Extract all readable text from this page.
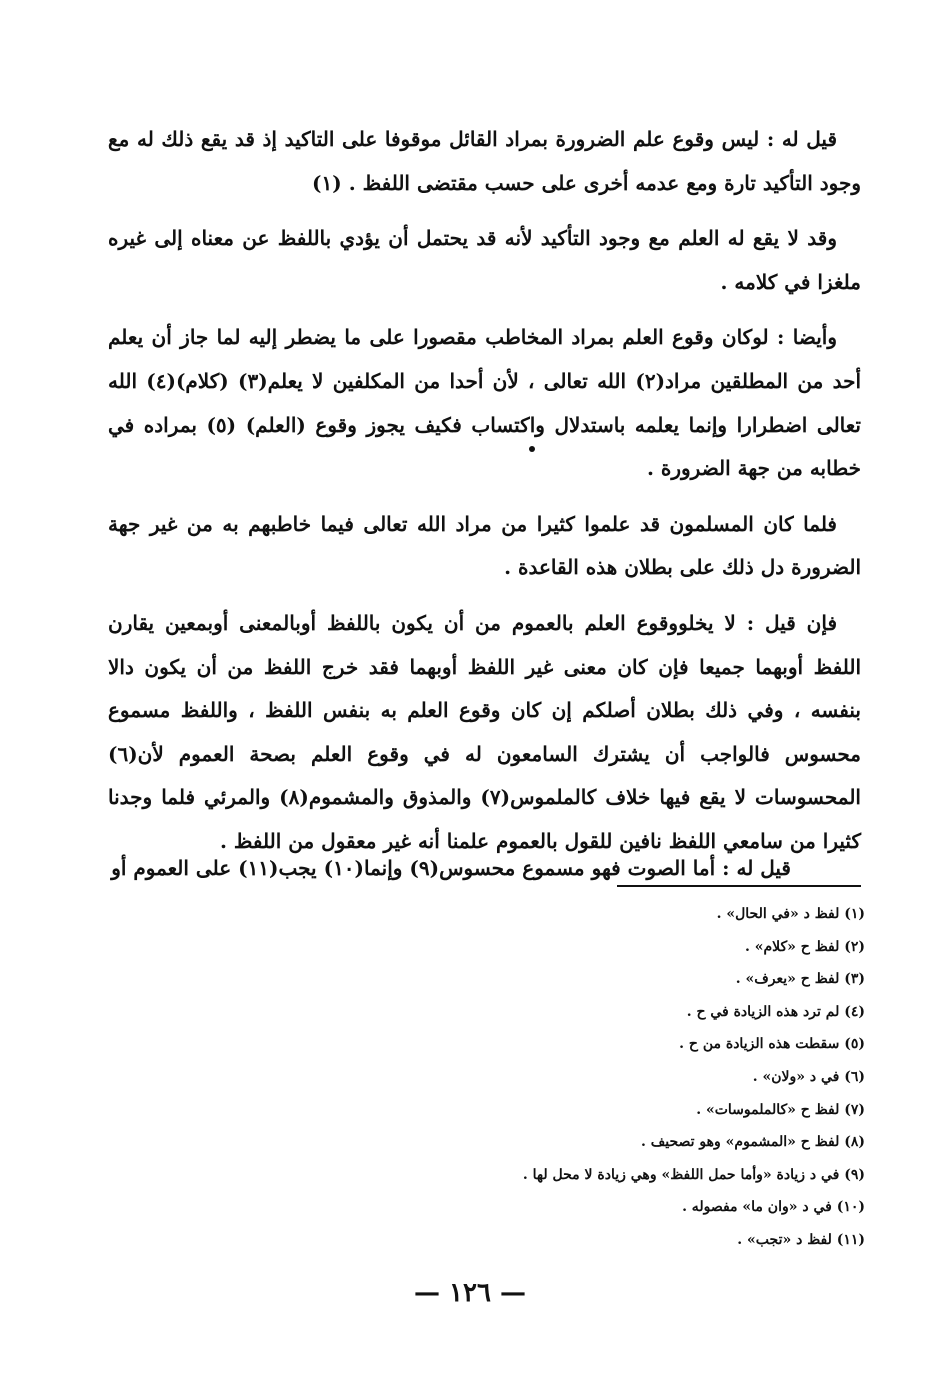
قيل له : ليس وقوع علم الضرورة بمراد القائل موقوفا على التاكيد إذ قد يقع ذلك له مع وجود التأكيد تارة ومع عدمه أخرى على حسب مقتضى اللفظ . (١)

وقد لا يقع له العلم مع وجود التأكيد لأنه قد يحتمل أن يؤدي باللفظ عن معناه إلى غيره ملغزا في كلامه .

وأيضا : لوكان وقوع العلم بمراد المخاطب مقصورا على ما يضطر إليه لما جاز أن يعلم أحد من المطلقين مراد(٢) الله تعالى ، لأن أحدا من المكلفين لا يعلم(٣) (كلام)(٤) الله تعالى اضطرارا وإنما يعلمه باستدلال واكتساب فكيف يجوز وقوع (العلم) (٥) بمراده في خطابه من جهة الضرورة .

فلما كان المسلمون قد علموا كثيرا من مراد الله تعالى فيما خاطبهم به من غير جهة الضرورة دل ذلك على بطلان هذه القاعدة .

فإن قيل : لا يخلووقوع العلم بالعموم من أن يكون باللفظ أوبالمعنى أوبمعين يقارن اللفظ أوبهما جميعا فإن كان معنى غير اللفظ أوبهما فقد خرج اللفظ من أن يكون دالا بنفسه ، وفي ذلك بطلان أصلكم إن كان وقوع العلم به بنفس اللفظ ، واللفظ مسموع محسوس فالواجب أن يشترك السامعون له في وقوع العلم بصحة العموم لأن(٦) المحسوسات لا يقع فيها خلاف كالملموس(٧) والمذوق والمشموم(٨) والمرئي فلما وجدنا كثيرا من سامعي اللفظ نافين للقول بالعموم علمنا أنه غير معقول من اللفظ .

قيل له : أما الصوت فهو مسموع محسوس(٩) وإنما(١٠) يجب(١١) على العموم أو

(١) لفظ د «في الحال» .
(٢) لفظ ح «كلام» .
(٣) لفظ ح «يعرف» .
(٤) لم ترد هذه الزيادة في ح .
(٥) سقطت هذه الزيادة من ح .
(٦) في د «ولان» .
(٧) لفظ ح «كالملموسات» .
(٨) لفظ ح «المشموم» وهو تصحيف .
(٩) في د زيادة «وأما حمل اللفظ» وهي زيادة لا محل لها .
(١٠) في د «وان ما» مفصوله .
(١١) لفظ د «تجب» .
— ١٢٦ —
